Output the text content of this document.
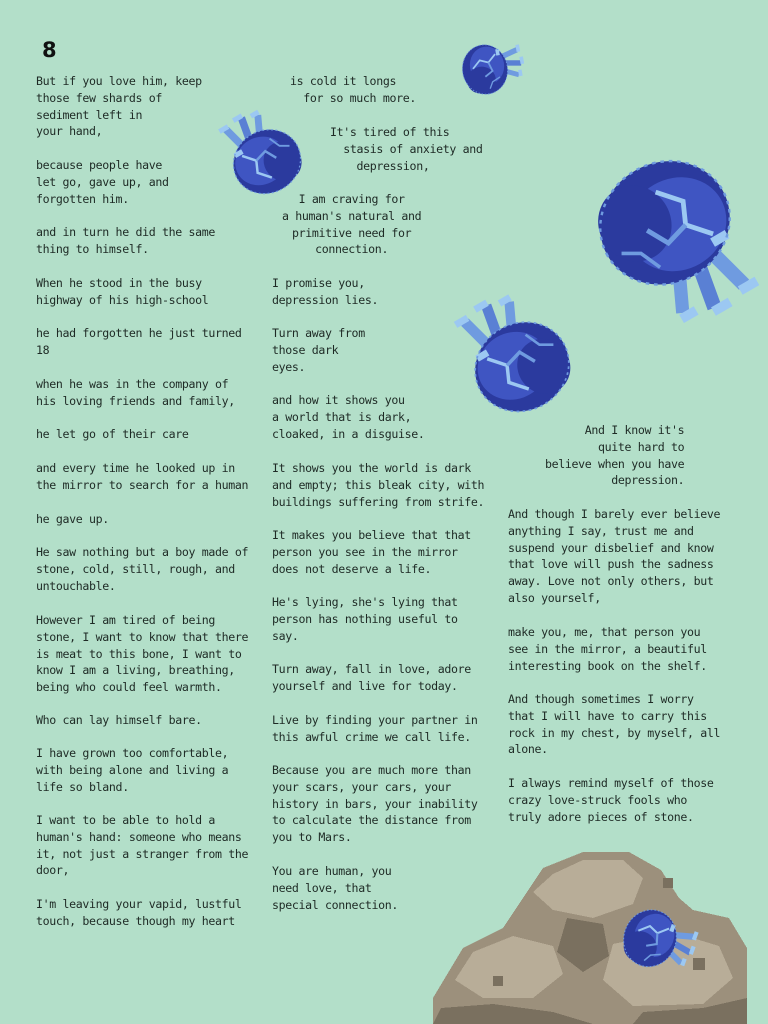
8

But if you love him, keep
those few shards of
sediment left in
your hand,

because people have
let go, gave up, and
forgotten him.

and in turn he did the same
thing to himself.

When he stood in the busy
highway of his high-school

he had forgotten he just turned
18

when he was in the company of
his loving friends and family,

he let go of their care

and every time he looked up in
the mirror to search for a human

he gave up.

He saw nothing but a boy made of
stone, cold, still, rough, and
untouchable.

However I am tired of being
stone, I want to know that there
is meat to this bone, I want to
know I am a living, breathing,
being who could feel warmth.

Who can lay himself bare.

I have grown too comfortable,
with being alone and living a
life so bland.

I want to be able to hold a
human's hand: someone who means
it, not just a stranger from the
door,

I'm leaving your vapid, lustful
touch, because though my heart

is cold it longs
for so much more.

It's tired of this
stasis of anxiety and
depression,

I am craving for
a human's natural and
primitive need for
connection.

I promise you,
depression lies.

Turn away from
those dark
eyes.

and how it shows you
a world that is dark,
cloaked, in a disguise.

It shows you the world is dark
and empty; this bleak city, with
buildings suffering from strife.

It makes you believe that that
person you see in the mirror
does not deserve a life.

He's lying, she's lying that
person has nothing useful to
say.

Turn away, fall in love, adore
yourself and live for today.

Live by finding your partner in
this awful crime we call life.

Because you are much more than
your scars, your cars, your
history in bars, your inability
to calculate the distance from
you to Mars.

You are human, you
need love, that
special connection.

And I know it's
quite hard to
believe when you have
depression.

And though I barely ever believe
anything I say, trust me and
suspend your disbelief and know
that love will push the sadness
away. Love not only others, but
also yourself,

make you, me, that person you
see in the mirror, a beautiful
interesting book on the shelf.

And though sometimes I worry
that I will have to carry this
rock in my chest, by myself, all
alone.

I always remind myself of those
crazy love-struck fools who
truly adore pieces of stone.
